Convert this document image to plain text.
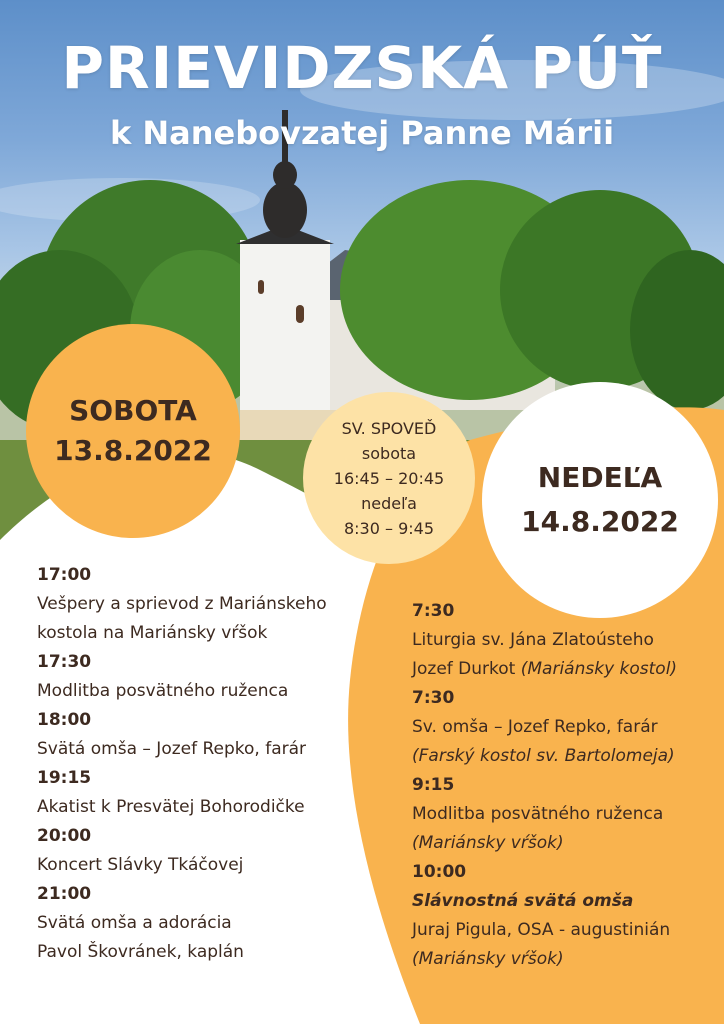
PRIEVIDZSKÁ PÚŤ
k Nanebovzatej Panne Márii
SOBOTA
13.8.2022
SV. SPOVEĎ
sobota
16:45 – 20:45
nedeľa
8:30 – 9:45
NEDEĽA
14.8.2022
17:00
Vešpery a sprievod z Mariánskeho
kostola na Mariánsky vŕšok
17:30
Modlitba posvätného ruženca
18:00
Svätá omša – Jozef Repko, farár
19:15
Akatist k Presvätej Bohorodičke
20:00
Koncert Slávky Tkáčovej
21:00
Svätá omša a adorácia
Pavol Škovránek, kaplán
7:30
Liturgia sv. Jána Zlatoústeho
Jozef Durkot (Mariánsky kostol)
7:30
Sv. omša – Jozef Repko, farár
(Farský kostol sv. Bartolomeja)
9:15
Modlitba posvätného ruženca
(Mariánsky vŕšok)
10:00
Slávnostná svätá omša
Juraj Pigula, OSA - augustinián
(Mariánsky vŕšok)
